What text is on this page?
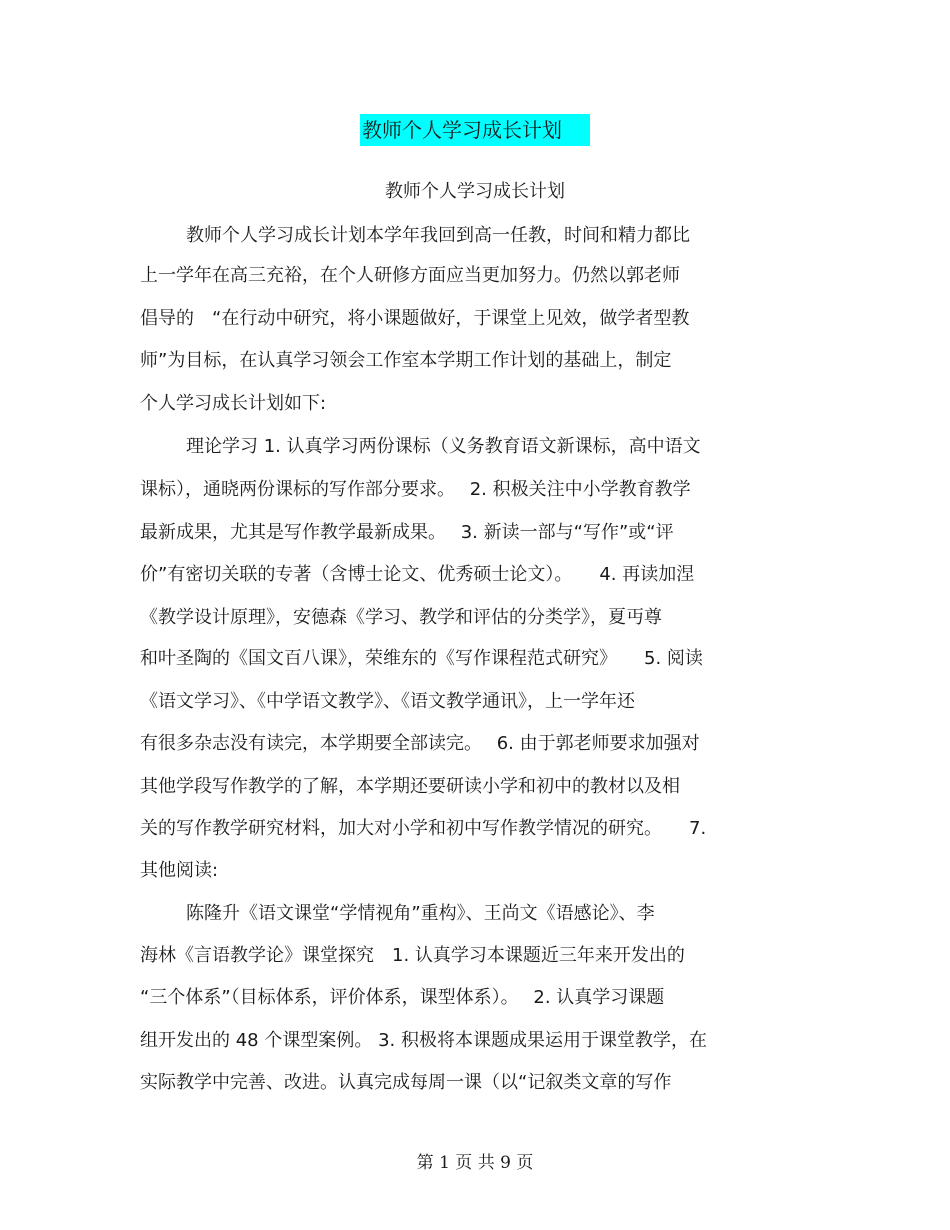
教师个人学习成长计划
教师个人学习成长计划
教师个人学习成长计划本学年我回到高一任教，时间和精力都比
上一学年在高三充裕，在个人研修方面应当更加努力。仍然以郭老师
倡导的　“在行动中研究，将小课题做好，于课堂上见效，做学者型教
师”为目标，在认真学习领会工作室本学期工作计划的基础上，制定
个人学习成长计划如下:
理论学习 1. 认真学习两份课标（义务教育语文新课标，高中语文
课标），通晓两份课标的写作部分要求。　 2. 积极关注中小学教育教学
最新成果，尤其是写作教学最新成果。　 3. 新读一部与“写作”或“评
价”有密切关联的专著（含博士论文、优秀硕士论文）。　　4. 再读加涅
《教学设计原理》，安德森《学习、教学和评估的分类学》，夏丏尊
和叶圣陶的《国文百八课》，荣维东的《写作课程范式研究》　　5. 阅读
《语文学习》、《中学语文教学》、《语文教学通讯》，上一学年还
有很多杂志没有读完，本学期要全部读完。　 6. 由于郭老师要求加强对
其他学段写作教学的了解，本学期还要研读小学和初中的教材以及相
关的写作教学研究材料，加大对小学和初中写作教学情况的研究。　　7.
其他阅读:
陈隆升《语文课堂“学情视角”重构》、王尚文《语感论》、李
海林《言语教学论》课堂探究　1. 认真学习本课题近三年来开发出的
“三个体系”（目标体系，评价体系，课型体系）。　 2. 认真学习课题
组开发出的 48 个课型案例。 3. 积极将本课题成果运用于课堂教学，在
实际教学中完善、改进。认真完成每周一课（以“记叙类文章的写作
第 1 页 共 9 页
